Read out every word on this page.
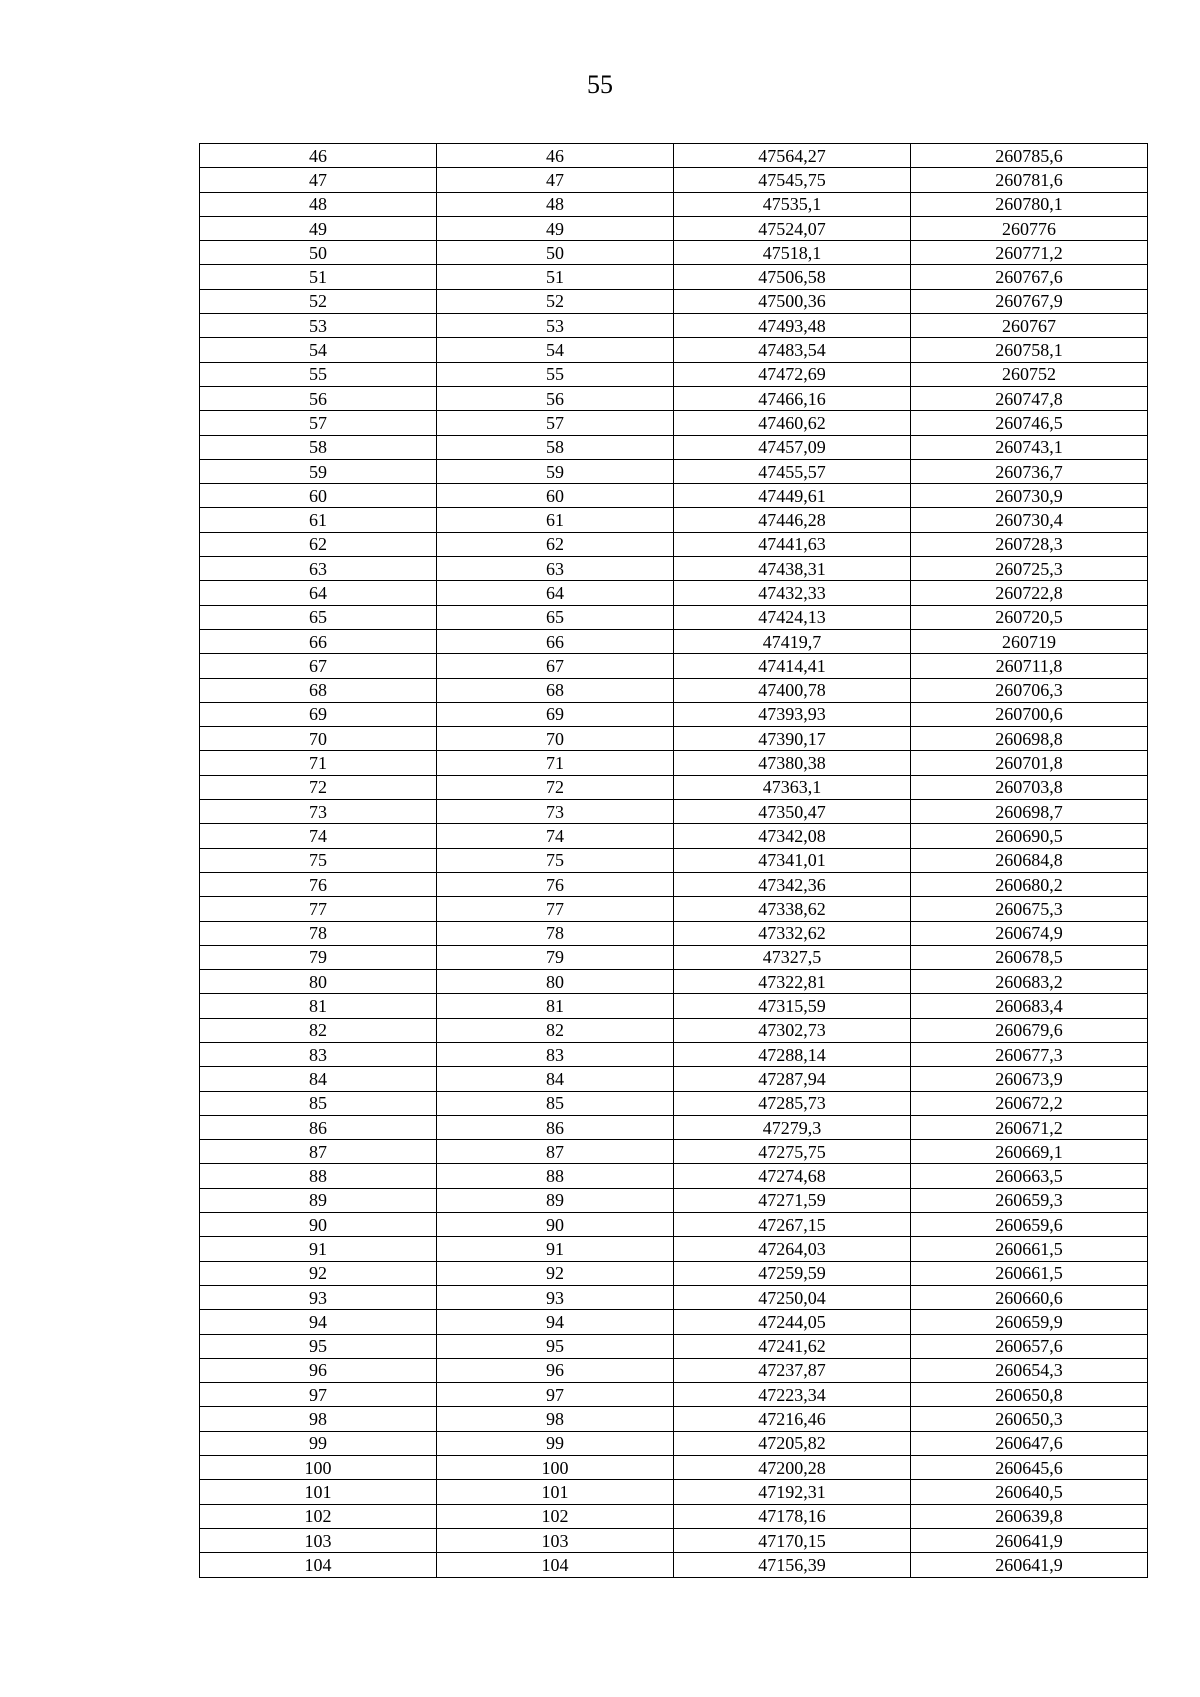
55
46	46	47564,27	260785,6
47	47	47545,75	260781,6
48	48	47535,1	260780,1
49	49	47524,07	260776
50	50	47518,1	260771,2
51	51	47506,58	260767,6
52	52	47500,36	260767,9
53	53	47493,48	260767
54	54	47483,54	260758,1
55	55	47472,69	260752
56	56	47466,16	260747,8
57	57	47460,62	260746,5
58	58	47457,09	260743,1
59	59	47455,57	260736,7
60	60	47449,61	260730,9
61	61	47446,28	260730,4
62	62	47441,63	260728,3
63	63	47438,31	260725,3
64	64	47432,33	260722,8
65	65	47424,13	260720,5
66	66	47419,7	260719
67	67	47414,41	260711,8
68	68	47400,78	260706,3
69	69	47393,93	260700,6
70	70	47390,17	260698,8
71	71	47380,38	260701,8
72	72	47363,1	260703,8
73	73	47350,47	260698,7
74	74	47342,08	260690,5
75	75	47341,01	260684,8
76	76	47342,36	260680,2
77	77	47338,62	260675,3
78	78	47332,62	260674,9
79	79	47327,5	260678,5
80	80	47322,81	260683,2
81	81	47315,59	260683,4
82	82	47302,73	260679,6
83	83	47288,14	260677,3
84	84	47287,94	260673,9
85	85	47285,73	260672,2
86	86	47279,3	260671,2
87	87	47275,75	260669,1
88	88	47274,68	260663,5
89	89	47271,59	260659,3
90	90	47267,15	260659,6
91	91	47264,03	260661,5
92	92	47259,59	260661,5
93	93	47250,04	260660,6
94	94	47244,05	260659,9
95	95	47241,62	260657,6
96	96	47237,87	260654,3
97	97	47223,34	260650,8
98	98	47216,46	260650,3
99	99	47205,82	260647,6
100	100	47200,28	260645,6
101	101	47192,31	260640,5
102	102	47178,16	260639,8
103	103	47170,15	260641,9
104	104	47156,39	260641,9
